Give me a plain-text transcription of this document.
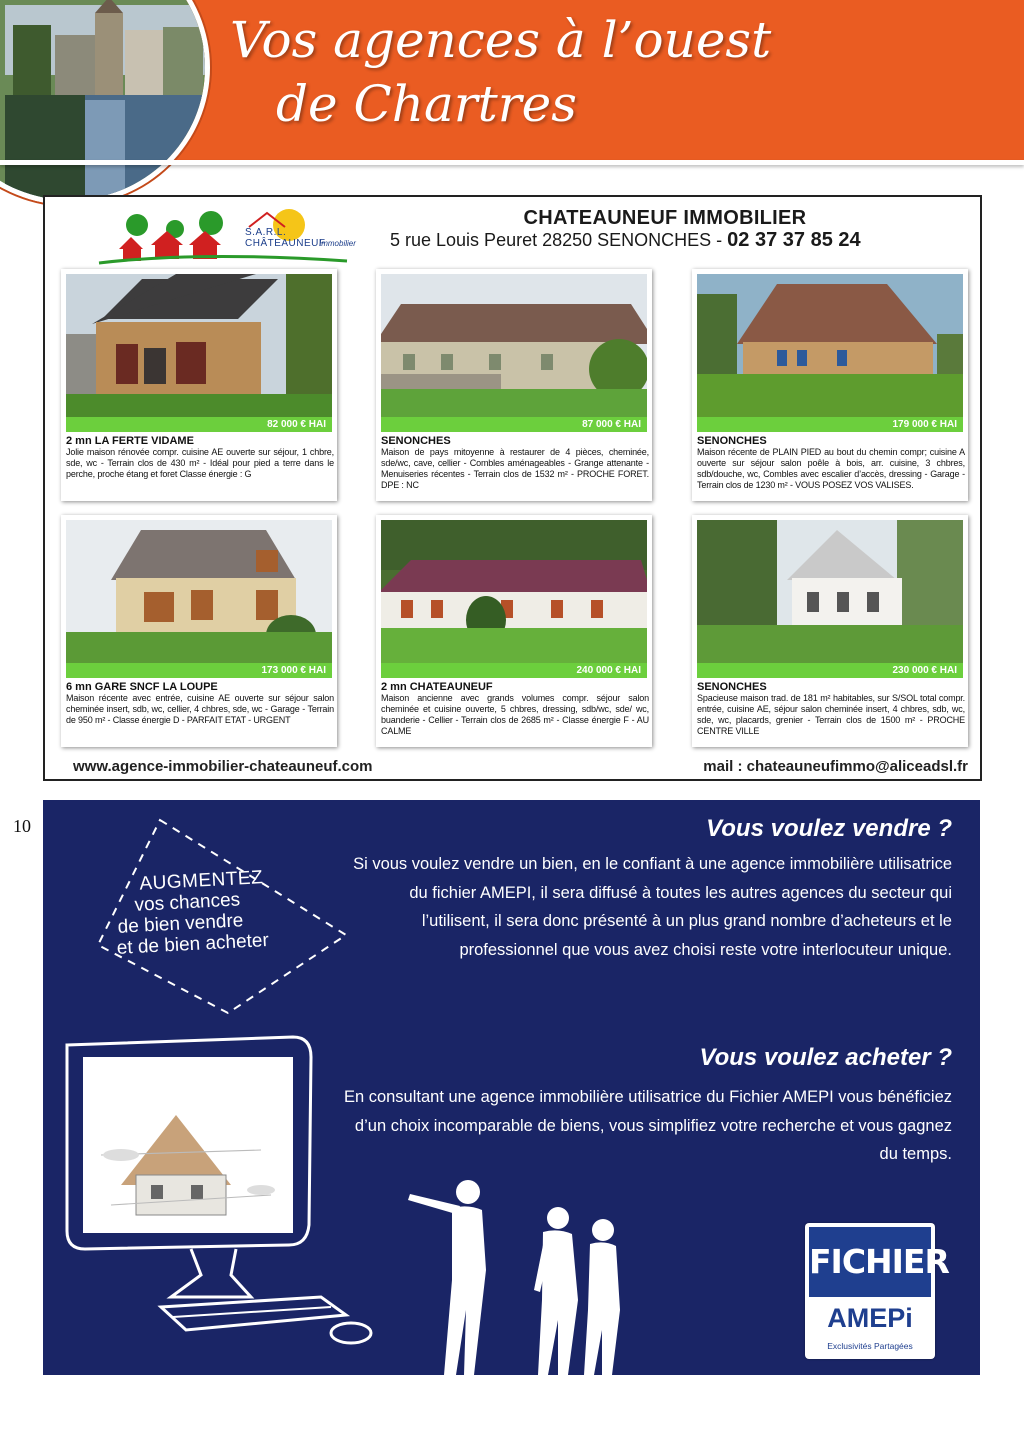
Vos agences à l’ouest
de Chartres
S.A.R.L. CHÂTEAUNEUF
Immobilier
CHATEAUNEUF IMMOBILIER
5 rue Louis Peuret 28250 SENONCHES - 02 37 37 85 24
82 000 € HAI
2 mn LA FERTE VIDAME
Jolie maison rénovée compr. cuisine AE ouverte sur séjour, 1 chbre, sde, wc - Terrain clos de 430 m² - Idéal pour pied a terre dans le perche, proche étang et foret Classe énergie : G
87 000 € HAI
SENONCHES
Maison de pays mitoyenne à restaurer de 4 pièces, cheminée, sde/wc, cave, cellier - Combles aménageables - Grange attenante - Menuiseries récentes - Terrain clos de 1532 m² - PROCHE FORET. DPE : NC
179 000 € HAI
SENONCHES
Maison récente de PLAIN PIED au bout du chemin compr; cuisine A ouverte sur séjour salon poêle à bois, arr. cuisine, 3 chbres, sdb/douche, wc, Combles avec escalier d’accès, dressing - Garage - Terrain clos de 1230 m² - VOUS POSEZ VOS VALISES.
173 000 € HAI
6 mn GARE SNCF LA LOUPE
Maison récente avec entrée, cuisine AE ouverte sur séjour salon cheminée insert, sdb, wc, cellier, 4 chbres, sde, wc - Garage - Terrain de 950 m² - Classe énergie D - PARFAIT ETAT - URGENT
240 000 € HAI
2 mn CHATEAUNEUF
Maison ancienne avec grands volumes compr. séjour salon cheminée et cuisine ouverte, 5 chbres, dressing, sdb/wc, sde/ wc, buanderie - Cellier - Terrain clos de 2685 m² - Classe énergie F - AU CALME
230 000 € HAI
SENONCHES
Spacieuse maison trad. de 181 m² habitables, sur S/SOL total compr. entrée, cuisine AE, séjour salon cheminée insert, 4 chbres, sdb, wc, sde, wc, placards, grenier - Terrain clos de 1500 m² - PROCHE CENTRE VILLE
www.agence-immobilier-chateauneuf.com	mail : chateauneufimmo@aliceadsl.fr
10
AUGMENTEZ
vos chances
de bien vendre
et de bien acheter
Vous voulez vendre ?
Si vous voulez vendre un bien, en le confiant à une agence immobilière utilisatrice du fichier AMEPI, il sera diffusé à toutes les autres agences du secteur qui l’utilisent, il sera donc présenté à un plus grand nombre d’acheteurs et le professionnel que vous avez choisi reste votre interlocuteur unique.
Vous voulez acheter ?
En consultant une agence immobilière utilisatrice du Fichier AMEPI vous bénéficiez d’un choix incomparable de biens, vous simplifiez votre recherche et vous gagnez du temps.
FICHIER
AMEPi
Exclusivités Partagées
